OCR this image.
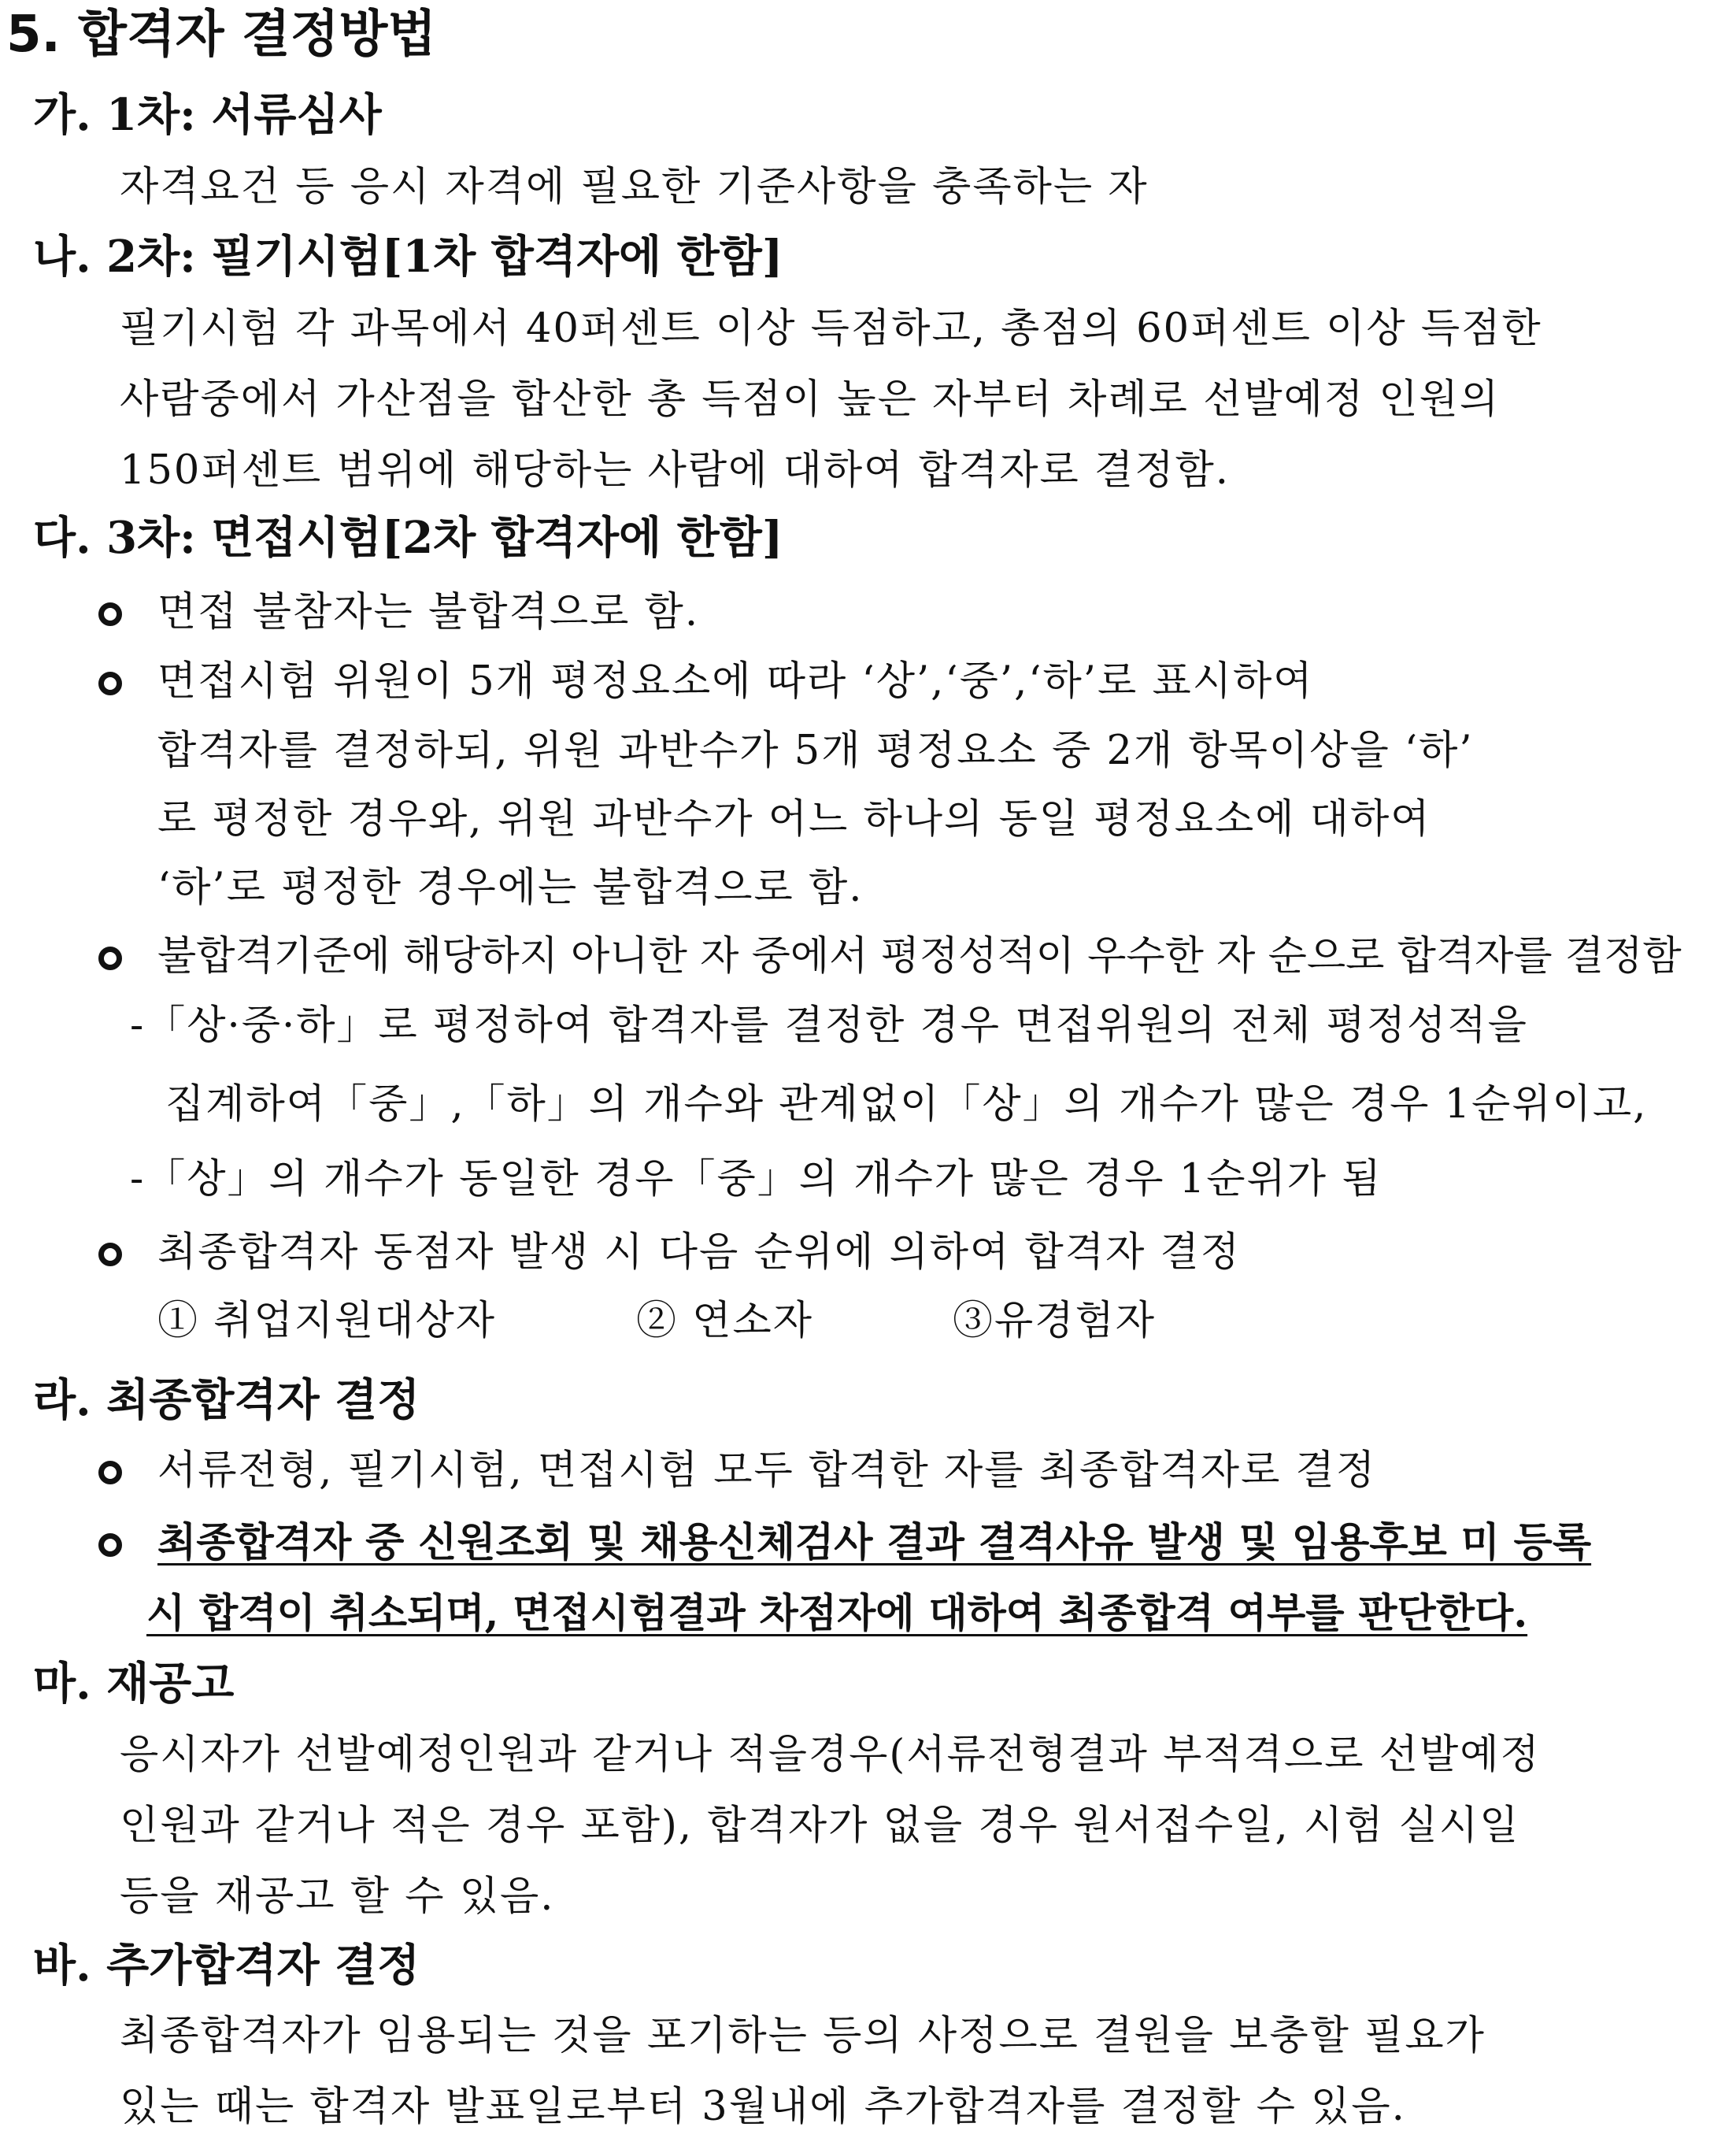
5. 합격자 결정방법
가. 1차: 서류심사
자격요건 등 응시 자격에 필요한 기준사항을 충족하는 자
나. 2차: 필기시험[1차 합격자에 한함]
필기시험 각 과목에서 40퍼센트 이상 득점하고, 총점의 60퍼센트 이상 득점한
사람중에서 가산점을 합산한 총 득점이 높은 자부터 차례로 선발예정 인원의
150퍼센트 범위에 해당하는 사람에 대하여 합격자로 결정함.
다. 3차: 면접시험[2차 합격자에 한함]
면접 불참자는 불합격으로 함.
면접시험 위원이 5개 평정요소에 따라 ‘상’,‘중’,‘하’로 표시하여
합격자를 결정하되, 위원 과반수가 5개 평정요소 중 2개 항목이상을 ‘하’
로 평정한 경우와, 위원 과반수가 어느 하나의 동일 평정요소에 대하여
‘하’로 평정한 경우에는 불합격으로 함.
불합격기준에 해당하지 아니한 자 중에서 평정성적이 우수한 자 순으로 합격자를 결정함
-「상·중·하」로 평정하여 합격자를 결정한 경우 면접위원의 전체 평정성적을
집계하여「중」,「하」의 개수와 관계없이「상」의 개수가 많은 경우 1순위이고,
-「상」의 개수가 동일한 경우「중」의 개수가 많은 경우 1순위가 됨
최종합격자 동점자 발생 시 다음 순위에 의하여 합격자 결정
① 취업지원대상자	② 연소자	③유경험자
라. 최종합격자 결정
서류전형, 필기시험, 면접시험 모두 합격한 자를 최종합격자로 결정
최종합격자 중 신원조회 및 채용신체검사 결과 결격사유 발생 및 임용후보 미 등록
시 합격이 취소되며, 면접시험결과 차점자에 대하여 최종합격 여부를 판단한다.
마. 재공고
응시자가 선발예정인원과 같거나 적을경우(서류전형결과 부적격으로 선발예정
인원과 같거나 적은 경우 포함), 합격자가 없을 경우 원서접수일, 시험 실시일
등을 재공고 할 수 있음.
바. 추가합격자 결정
최종합격자가 임용되는 것을 포기하는 등의 사정으로 결원을 보충할 필요가
있는 때는 합격자 발표일로부터 3월내에 추가합격자를 결정할 수 있음.
